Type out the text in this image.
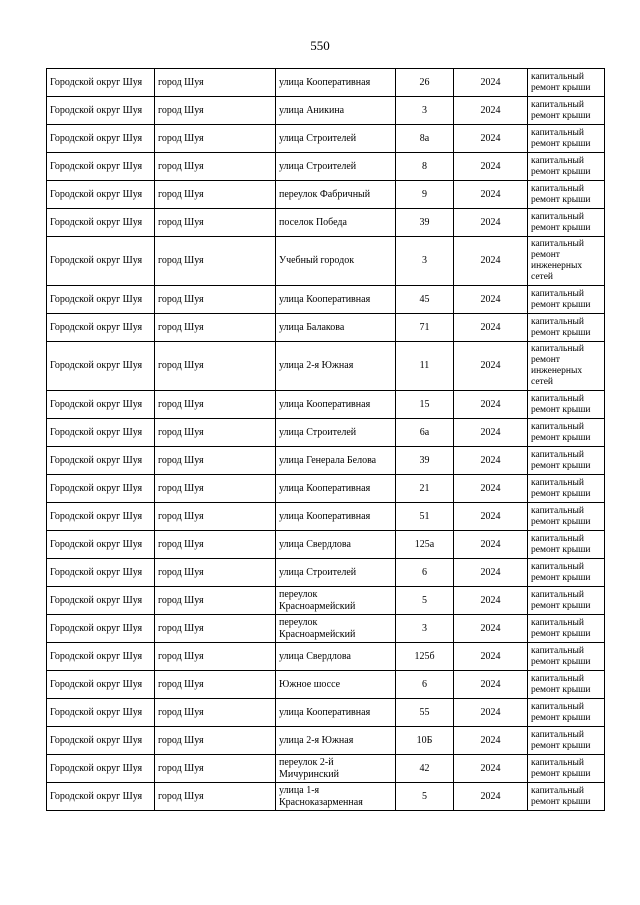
550
Городской округ Шуя	город Шуя	улица Кооперативная	26	2024	капитальный ремонт крыши
Городской округ Шуя	город Шуя	улица Аникина	3	2024	капитальный ремонт крыши
Городской округ Шуя	город Шуя	улица Строителей	8а	2024	капитальный ремонт крыши
Городской округ Шуя	город Шуя	улица Строителей	8	2024	капитальный ремонт крыши
Городской округ Шуя	город Шуя	переулок Фабричный	9	2024	капитальный ремонт крыши
Городской округ Шуя	город Шуя	поселок Победа	39	2024	капитальный ремонт крыши
Городской округ Шуя	город Шуя	Учебный городок	3	2024	капитальный ремонт инженерных сетей
Городской округ Шуя	город Шуя	улица Кооперативная	45	2024	капитальный ремонт крыши
Городской округ Шуя	город Шуя	улица Балакова	71	2024	капитальный ремонт крыши
Городской округ Шуя	город Шуя	улица 2-я Южная	11	2024	капитальный ремонт инженерных сетей
Городской округ Шуя	город Шуя	улица Кооперативная	15	2024	капитальный ремонт крыши
Городской округ Шуя	город Шуя	улица Строителей	6а	2024	капитальный ремонт крыши
Городской округ Шуя	город Шуя	улица Генерала Белова	39	2024	капитальный ремонт крыши
Городской округ Шуя	город Шуя	улица Кооперативная	21	2024	капитальный ремонт крыши
Городской округ Шуя	город Шуя	улица Кооперативная	51	2024	капитальный ремонт крыши
Городской округ Шуя	город Шуя	улица Свердлова	125а	2024	капитальный ремонт крыши
Городской округ Шуя	город Шуя	улица Строителей	6	2024	капитальный ремонт крыши
Городской округ Шуя	город Шуя	переулок Красноармейский	5	2024	капитальный ремонт крыши
Городской округ Шуя	город Шуя	переулок Красноармейский	3	2024	капитальный ремонт крыши
Городской округ Шуя	город Шуя	улица Свердлова	125б	2024	капитальный ремонт крыши
Городской округ Шуя	город Шуя	Южное шоссе	6	2024	капитальный ремонт крыши
Городской округ Шуя	город Шуя	улица Кооперативная	55	2024	капитальный ремонт крыши
Городской округ Шуя	город Шуя	улица 2-я Южная	10Б	2024	капитальный ремонт крыши
Городской округ Шуя	город Шуя	переулок 2-й Мичуринский	42	2024	капитальный ремонт крыши
Городской округ Шуя	город Шуя	улица 1-я Красноказарменная	5	2024	капитальный ремонт крыши
